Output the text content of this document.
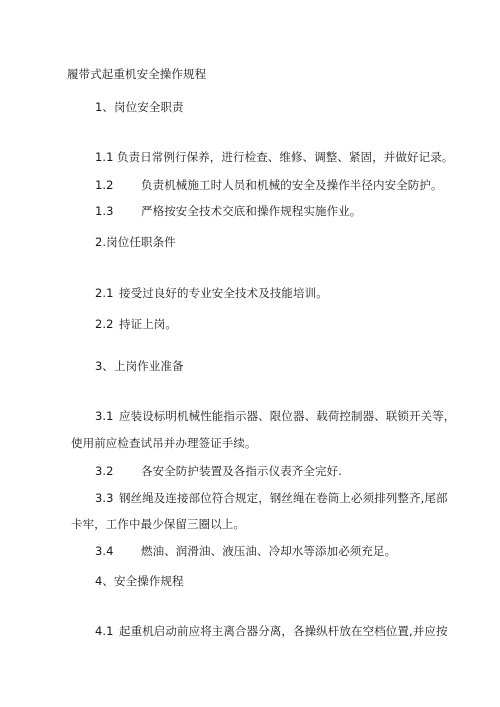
履带式起重机安全操作规程
1、岗位安全职责
1.1 负责日常例行保养，进行检查、维修、调整、紧固，并做好记录。
1.2 负责机械施工时人员和机械的安全及操作半径内安全防护。
1.3 严格按安全技术交底和操作规程实施作业。
2.岗位任职条件
2.1 接受过良好的专业安全技术及技能培训。
2.2 持证上岗。
3、上岗作业准备
3.1 应装设标明机械性能指示器、限位器、载荷控制器、联锁开关等，
使用前应检查试吊并办理签证手续。
3.2 各安全防护装置及各指示仪表齐全完好.
3.3 钢丝绳及连接部位符合规定，钢丝绳在卷筒上必须排列整齐,尾部
卡牢，工作中最少保留三圈以上。
3.4 燃油、润滑油、液压油、冷却水等添加必须充足。
4、安全操作规程
4.1 起重机启动前应将主离合器分离，各操纵杆放在空档位置,并应按
